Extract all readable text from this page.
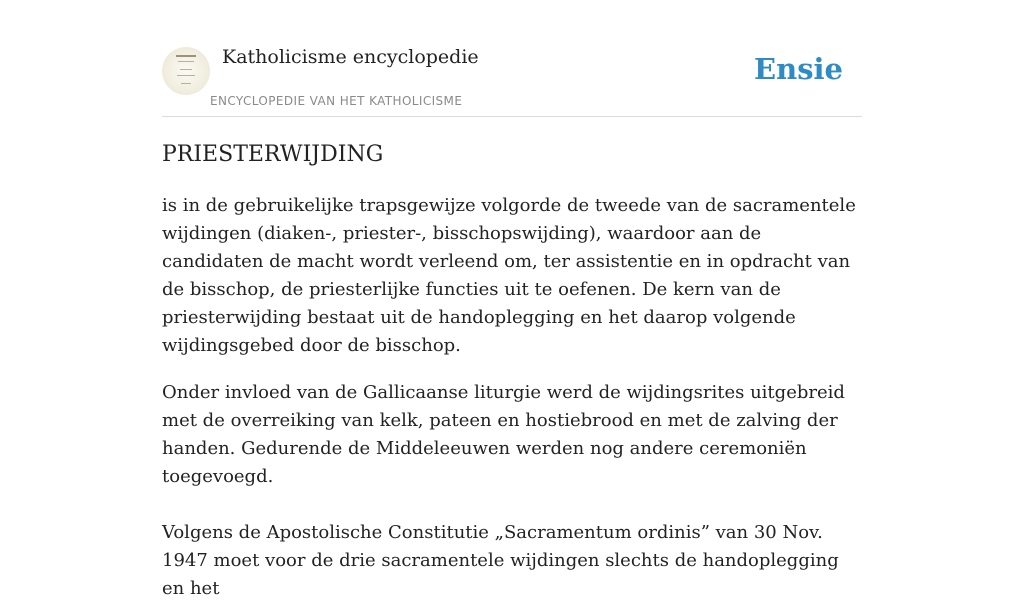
Katholicisme encyclopedie
ENCYCLOPEDIE VAN HET KATHOLICISME
Ensie
PRIESTERWIJDING

is in de gebruikelijke trapsgewijze volgorde de tweede van de sacramentele wijdingen (diaken-, priester-, bisschopswijding), waardoor aan de candidaten de macht wordt verleend om, ter assistentie en in opdracht van de bisschop, de priesterlijke functies uit te oefenen. De kern van de priesterwijding bestaat uit de handoplegging en het daarop volgende wijdingsgebed door de bisschop.

Onder invloed van de Gallicaanse liturgie werd de wijdingsrites uitgebreid met de overreiking van kelk, pateen en hostiebrood en met de zalving der handen. Gedurende de Middeleeuwen werden nog andere ceremoniën toegevoegd.

Volgens de Apostolische Constitutie „Sacramentum ordinis” van 30 Nov. 1947 moet voor de drie sacramentele wijdingen slechts de handoplegging en het
